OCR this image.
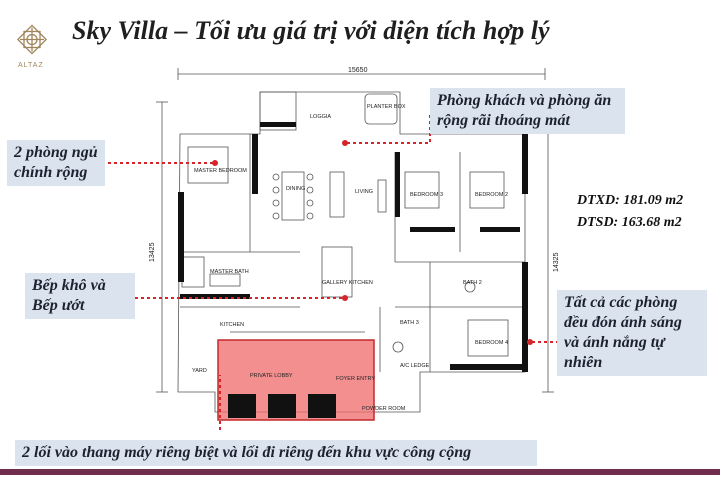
ALTAZ
Sky Villa – Tối ưu giá trị với diện tích hợp lý
LOGGIA
PLANTER BOX
MASTER BEDROOM
DINING	LIVING	BEDROOM 3	BEDROOM 2
MASTER BATH
GALLERY KITCHEN	BATH 2
BATH 3
BEDROOM 4
KITCHEN
YARD
PRIVATE LOBBY	FOYER ENTRY
A/C LEDGE
POWDER ROOM
15650
13425
14325
Phòng khách và phòng ăn rộng rãi thoáng mát
2 phòng ngủ chính rộng
Bếp khô và Bếp ướt	Tất cả các phòng đều đón ánh sáng và ánh nắng tự nhiên
2 lối vào thang máy riêng biệt và lối đi riêng đến khu vực công cộng
DTXD: 181.09 m2
DTSD: 163.68 m2
